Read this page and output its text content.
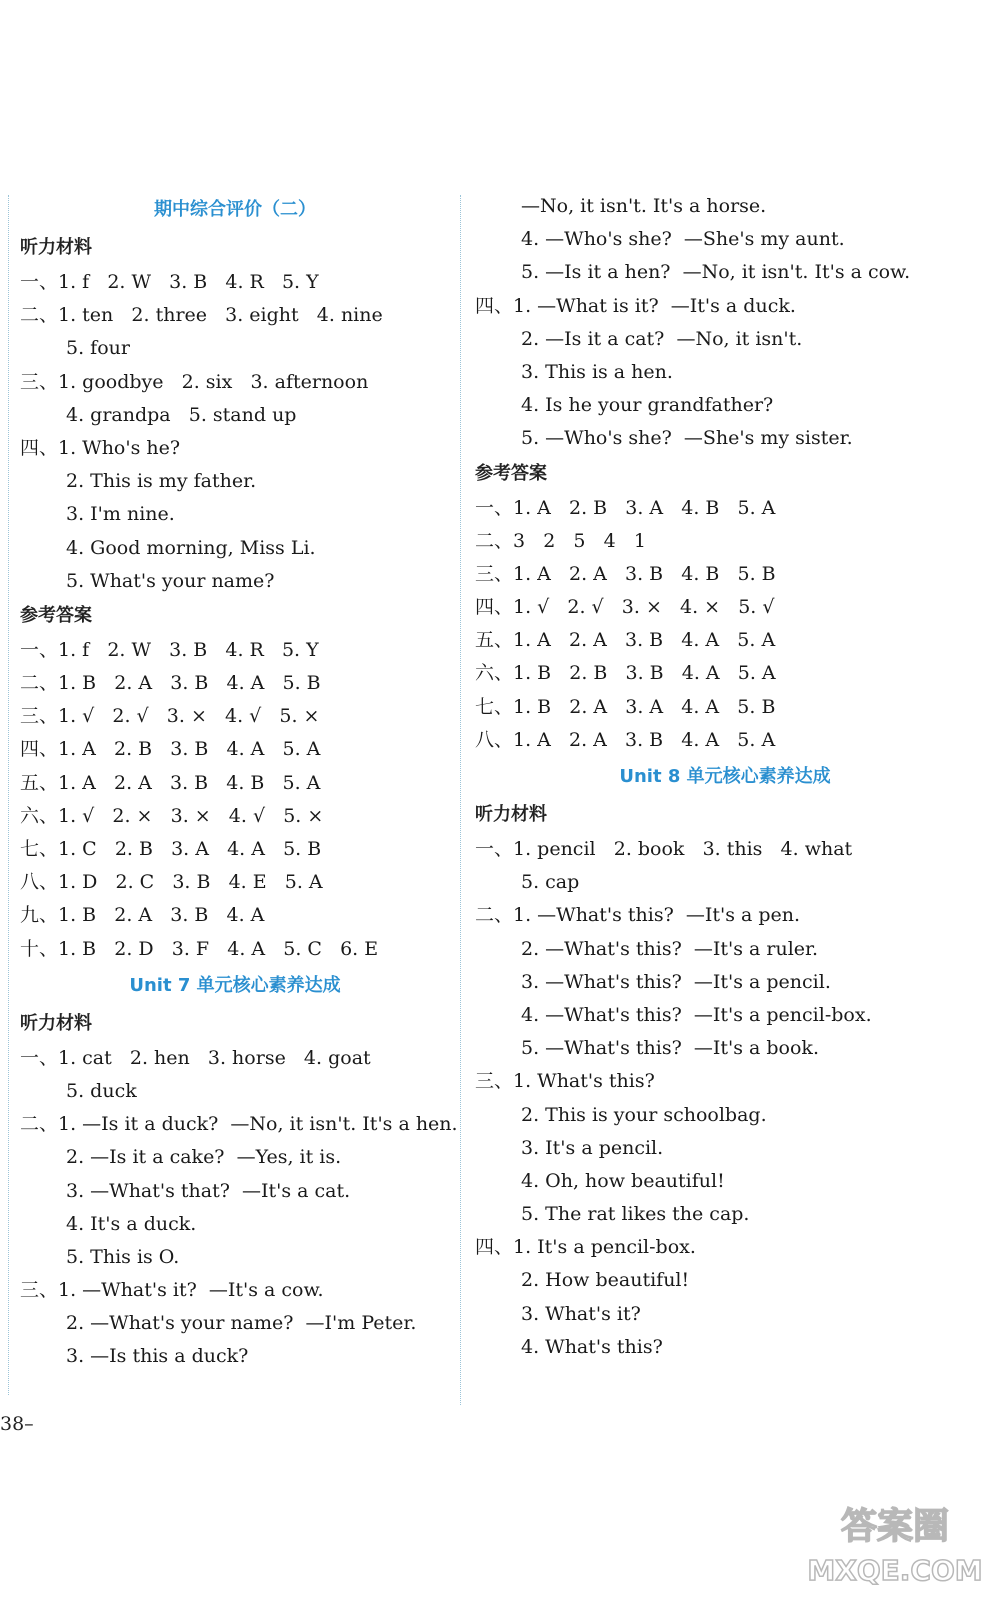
期中综合评价（二）
听力材料
一、1. f   2. W   3. B   4. R   5. Y
二、1. ten   2. three   3. eight   4. nine
5. four
三、1. goodbye   2. six   3. afternoon
4. grandpa   5. stand up
四、1. Who's he?
2. This is my father.
3. I'm nine.
4. Good morning, Miss Li.
5. What's your name?
参考答案
一、1. f   2. W   3. B   4. R   5. Y
二、1. B   2. A   3. B   4. A   5. B
三、1. √   2. √   3. ×   4. √   5. ×
四、1. A   2. B   3. B   4. A   5. A
五、1. A   2. A   3. B   4. B   5. A
六、1. √   2. ×   3. ×   4. √   5. ×
七、1. C   2. B   3. A   4. A   5. B
八、1. D   2. C   3. B   4. E   5. A
九、1. B   2. A   3. B   4. A
十、1. B   2. D   3. F   4. A   5. C   6. E
Unit 7 单元核心素养达成
听力材料
一、1. cat   2. hen   3. horse   4. goat
5. duck
二、1. —Is it a duck?  —No, it isn't. It's a hen.
2. —Is it a cake?  —Yes, it is.
3. —What's that?  —It's a cat.
4. It's a duck.
5. This is O.
三、1. —What's it?  —It's a cow.
2. —What's your name?  —I'm Peter.
3. —Is this a duck?
—No, it isn't. It's a horse.
4. —Who's she?  —She's my aunt.
5. —Is it a hen?  —No, it isn't. It's a cow.
四、1. —What is it?  —It's a duck.
2. —Is it a cat?  —No, it isn't.
3. This is a hen.
4. Is he your grandfather?
5. —Who's she?  —She's my sister.
参考答案
一、1. A   2. B   3. A   4. B   5. A
二、3   2   5   4   1
三、1. A   2. A   3. B   4. B   5. B
四、1. √   2. √   3. ×   4. ×   5. √
五、1. A   2. A   3. B   4. A   5. A
六、1. B   2. B   3. B   4. A   5. A
七、1. B   2. A   3. A   4. A   5. B
八、1. A   2. A   3. B   4. A   5. A
Unit 8 单元核心素养达成
听力材料
一、1. pencil   2. book   3. this   4. what
5. cap
二、1. —What's this?  —It's a pen.
2. —What's this?  —It's a ruler.
3. —What's this?  —It's a pencil.
4. —What's this?  —It's a pencil-box.
5. —What's this?  —It's a book.
三、1. What's this?
2. This is your schoolbag.
3. It's a pencil.
4. Oh, how beautiful!
5. The rat likes the cap.
四、1. It's a pencil-box.
2. How beautiful!
3. What's it?
4. What's this?
38–
答案圈
MXQE.COM
